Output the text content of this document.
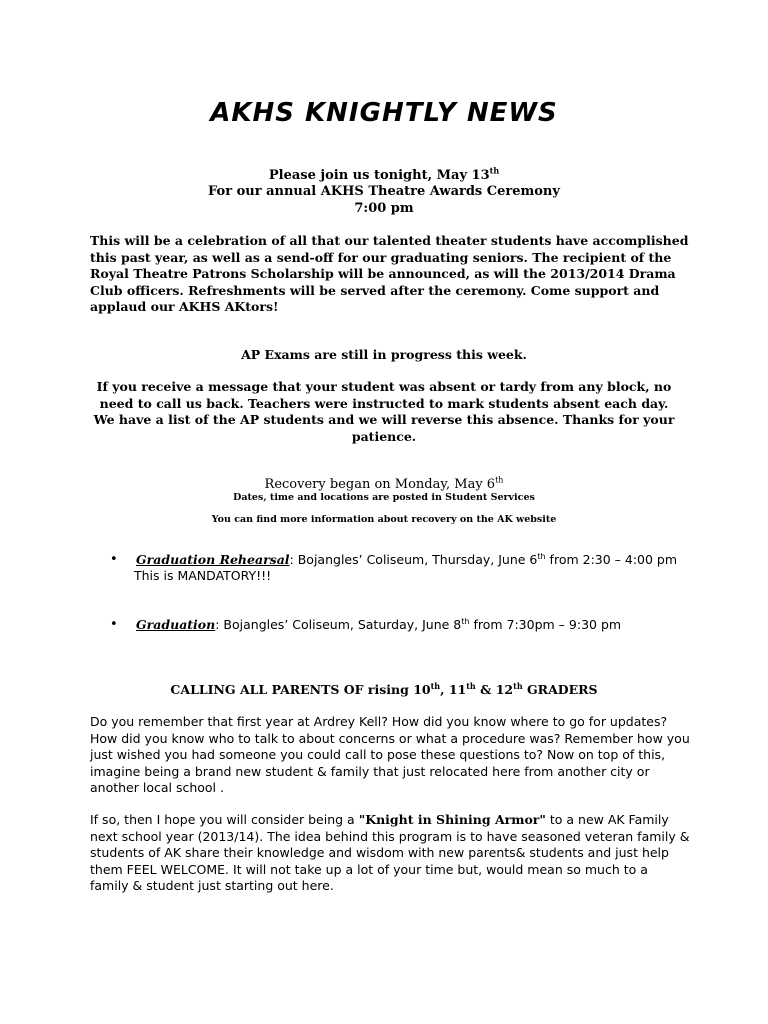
AKHS KNIGHTLY NEWS
Please join us tonight, May 13th
For our annual AKHS Theatre Awards Ceremony
7:00 pm
This will be a celebration of all that our talented theater students have accomplished this past year, as well as a send-off for our graduating seniors. The recipient of the Royal Theatre Patrons Scholarship will be announced, as will the 2013/2014 Drama Club officers. Refreshments will be served after the ceremony. Come support and applaud our AKHS AKtors!
AP Exams are still in progress this week.
If you receive a message that your student was absent or tardy from any block, no need to call us back. Teachers were instructed to mark students absent each day. We have a list of the AP students and we will reverse this absence. Thanks for your patience.
Recovery began on Monday, May 6th
Dates, time and locations are posted in Student Services
You can find more information about recovery on the AK website
• Graduation Rehearsal: Bojangles’ Coliseum, Thursday, June 6th from 2:30 – 4:00 pm
This is MANDATORY!!!
• Graduation: Bojangles’ Coliseum, Saturday, June 8th from 7:30pm – 9:30 pm
CALLING ALL PARENTS OF rising 10th, 11th & 12th GRADERS
Do you remember that first year at Ardrey Kell? How did you know where to go for updates? How did you know who to talk to about concerns or what a procedure was? Remember how you just wished you had someone you could call to pose these questions to? Now on top of this, imagine being a brand new student & family that just relocated here from another city or another local school .
If so, then I hope you will consider being a "Knight in Shining Armor" to a new AK Family next school year (2013/14). The idea behind this program is to have seasoned veteran family & students of AK share their knowledge and wisdom with new parents& students and just help them FEEL WELCOME. It will not take up a lot of your time but, would mean so much to a family & student just starting out here.
